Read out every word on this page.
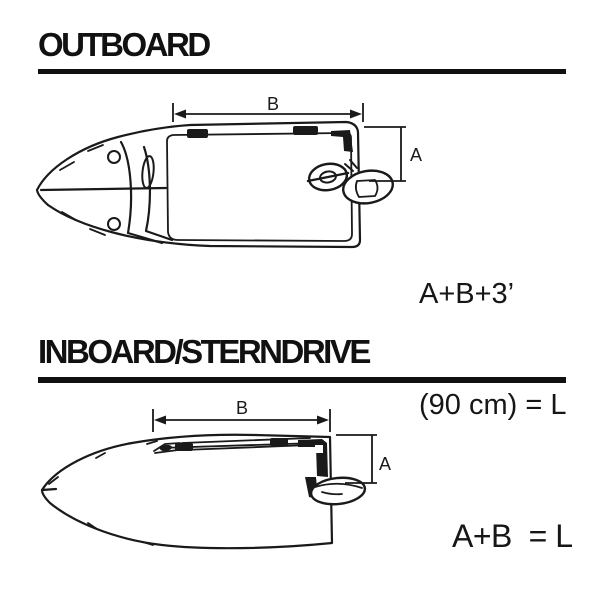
OUTBOARD
B
A

A+B+3’

(90 cm) = L

INBOARD/STERNDRIVE
B
A
A+B  = L
